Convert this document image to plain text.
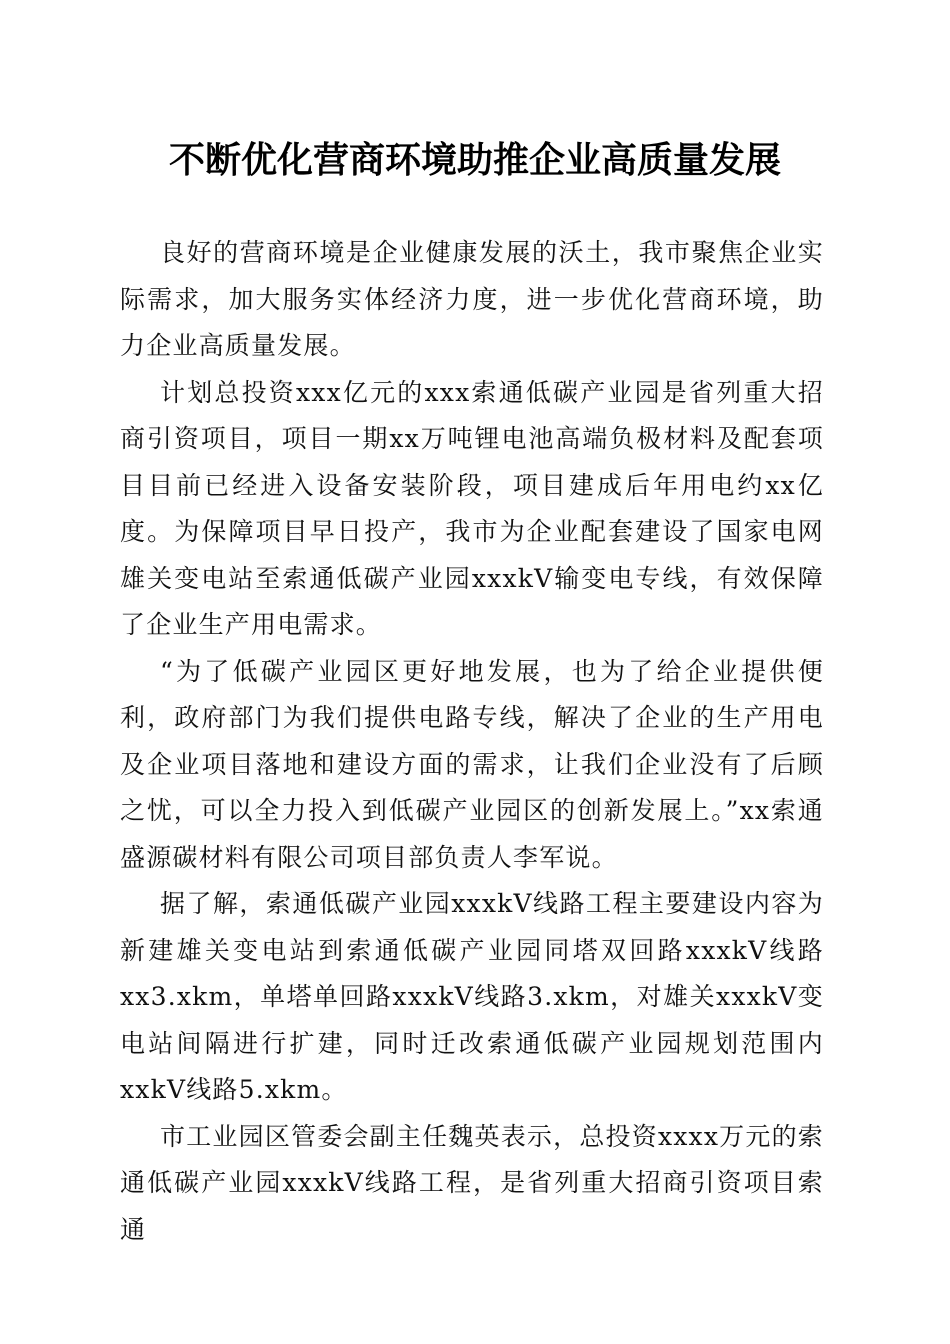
不断优化营商环境助推企业高质量发展

良好的营商环境是企业健康发展的沃土，我市聚焦企业实际需求，加大服务实体经济力度，进一步优化营商环境，助力企业高质量发展。

计划总投资xxx亿元的xxx索通低碳产业园是省列重大招商引资项目，项目一期xx万吨锂电池高端负极材料及配套项目目前已经进入设备安装阶段，项目建成后年用电约xx亿度。为保障项目早日投产，我市为企业配套建设了国家电网雄关变电站至索通低碳产业园xxxkV输变电专线，有效保障了企业生产用电需求。

“为了低碳产业园区更好地发展，也为了给企业提供便利，政府部门为我们提供电路专线，解决了企业的生产用电及企业项目落地和建设方面的需求，让我们企业没有了后顾之忧，可以全力投入到低碳产业园区的创新发展上。”xx索通盛源碳材料有限公司项目部负责人李军说。

据了解，索通低碳产业园xxxkV线路工程主要建设内容为新建雄关变电站到索通低碳产业园同塔双回路xxxkV线路xx3.xkm，单塔单回路xxxkV线路3.xkm，对雄关xxxkV变电站间隔进行扩建，同时迁改索通低碳产业园规划范围内xxkV线路5.xkm。

市工业园区管委会副主任魏英表示，总投资xxxx万元的索通低碳产业园xxxkV线路工程，是省列重大招商引资项目索通
